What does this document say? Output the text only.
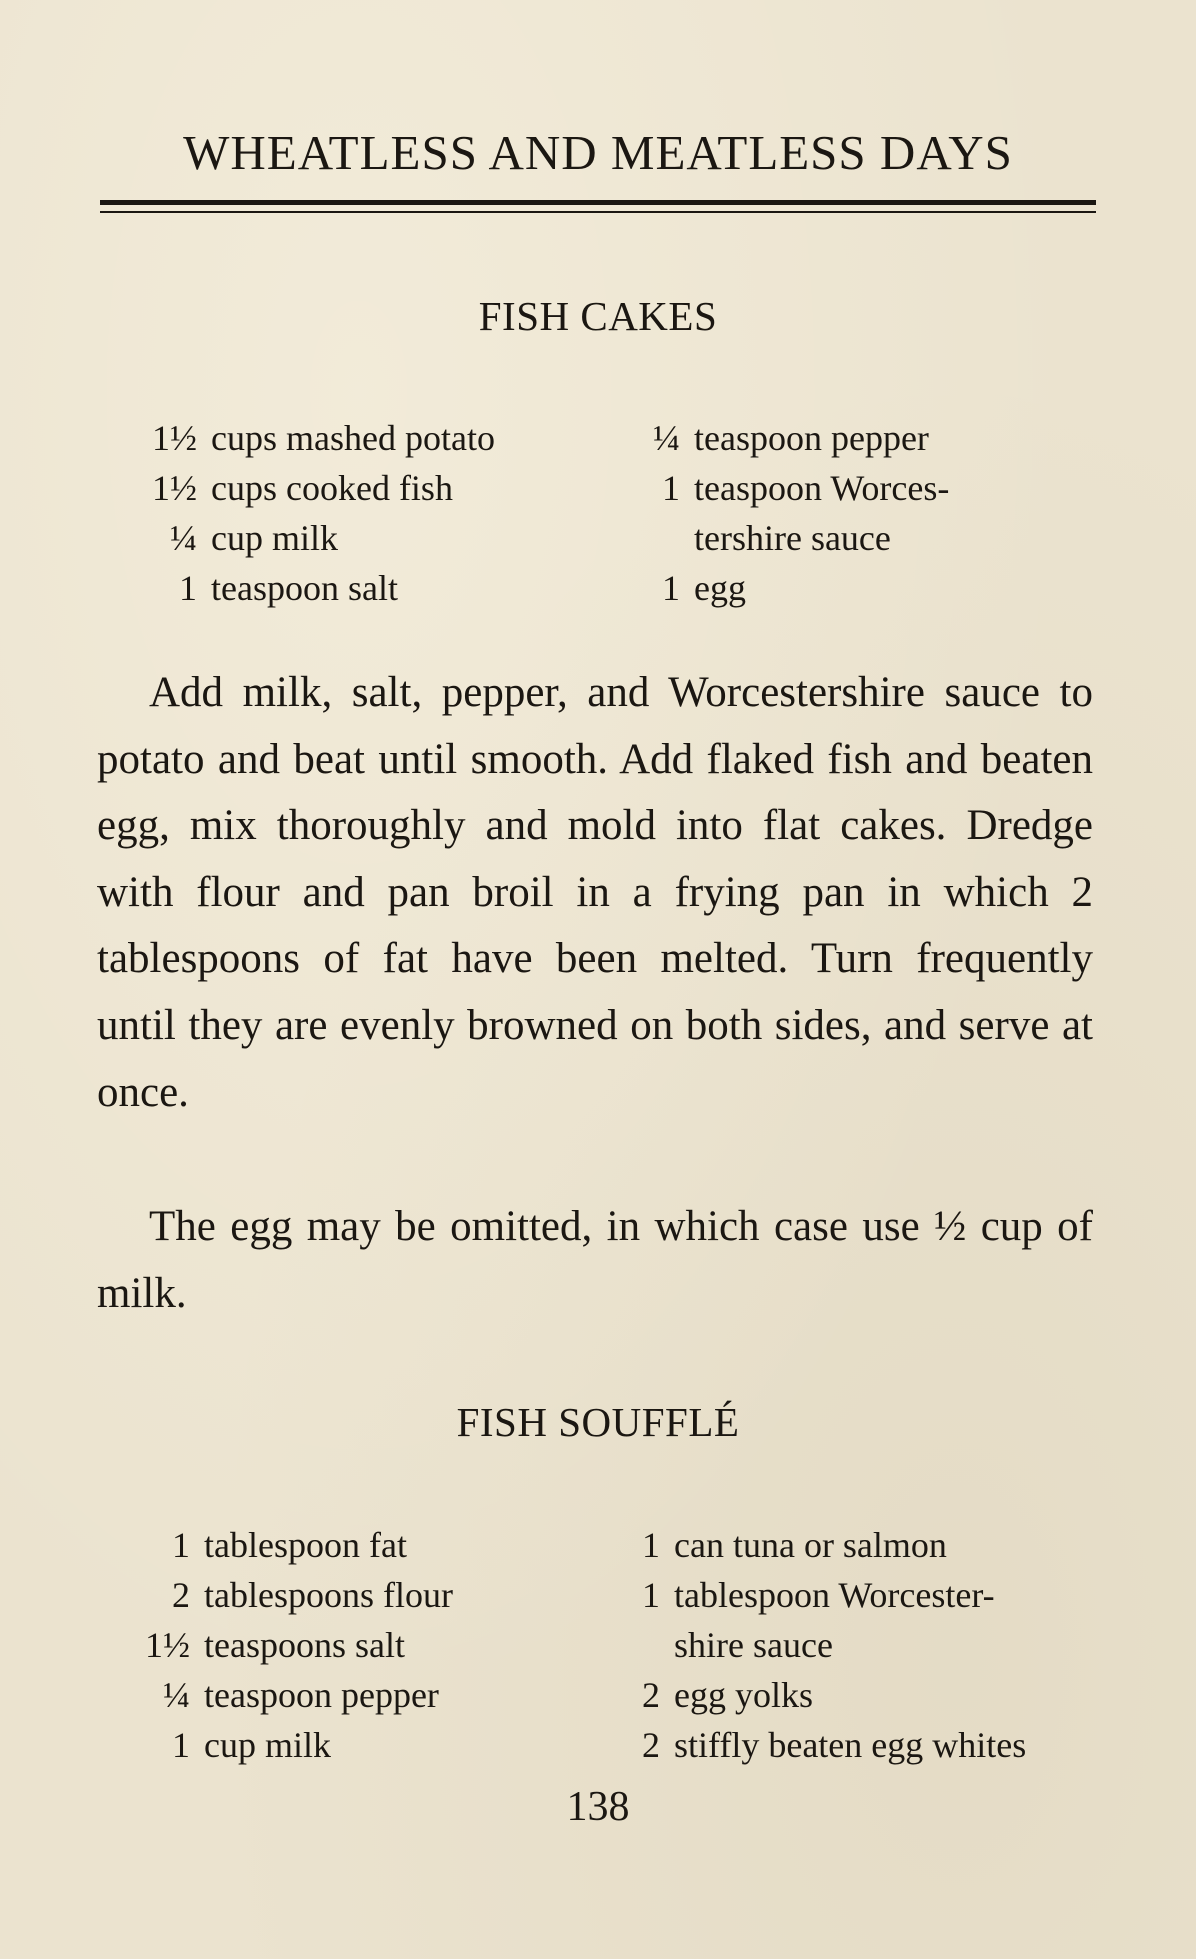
WHEATLESS AND MEATLESS DAYS
FISH CAKES
1½ cups mashed potato
1½ cups cooked fish
¼ cup milk
1 teaspoon salt
¼ teaspoon pepper
1 teaspoon Worces-
tershire sauce
1 egg

Add milk, salt, pepper, and Worcestershire sauce to potato and beat until smooth. Add flaked fish and beaten egg, mix thoroughly and mold into flat cakes. Dredge with flour and pan broil in a frying pan in which 2 tablespoons of fat have been melted. Turn frequently until they are evenly browned on both sides, and serve at once.

The egg may be omitted, in which case use ½ cup of milk.

FISH SOUFFLÉ
1 tablespoon fat
2 tablespoons flour
1½ teaspoons salt
¼ teaspoon pepper
1 cup milk
1 can tuna or salmon
1 tablespoon Worcester-
shire sauce
2 egg yolks
2 stiffly beaten egg whites
138
